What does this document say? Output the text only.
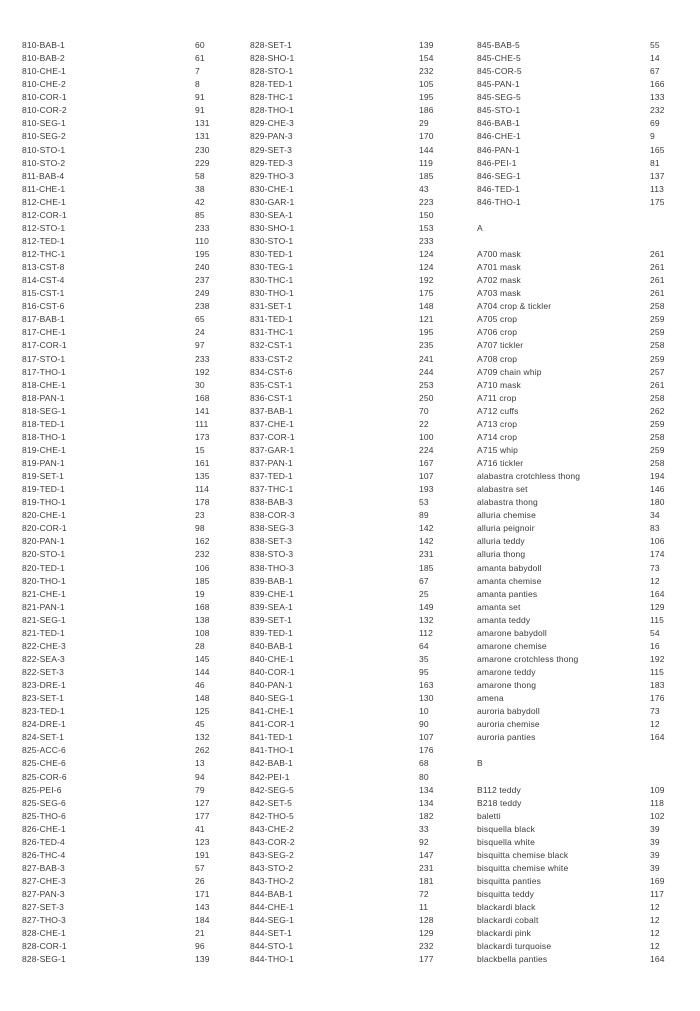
810-BAB-1	60
810-BAB-2	61
810-CHE-1	7
810-CHE-2	8
810-COR-1	91
810-COR-2	91
810-SEG-1	131
810-SEG-2	131
810-STO-1	230
810-STO-2	229
811-BAB-4	58
811-CHE-1	38
812-CHE-1	42
812-COR-1	85
812-STO-1	233
812-TED-1	110
812-THC-1	195
813-CST-8	240
814-CST-4	237
815-CST-1	249
816-CST-6	238
817-BAB-1	65
817-CHE-1	24
817-COR-1	97
817-STO-1	233
817-THO-1	192
818-CHE-1	30
818-PAN-1	168
818-SEG-1	141
818-TED-1	111
818-THO-1	173
819-CHE-1	15
819-PAN-1	161
819-SET-1	135
819-TED-1	114
819-THO-1	178
820-CHE-1	23
820-COR-1	98
820-PAN-1	162
820-STO-1	232
820-TED-1	106
820-THO-1	185
821-CHE-1	19
821-PAN-1	168
821-SEG-1	138
821-TED-1	108
822-CHE-3	28
822-SEA-3	145
822-SET-3	144
823-DRE-1	46
823-SET-1	148
823-TED-1	125
824-DRE-1	45
824-SET-1	132
825-ACC-6	262
825-CHE-6	13
825-COR-6	94
825-PEI-6	79
825-SEG-6	127
825-THO-6	177
826-CHE-1	41
826-TED-4	123
826-THC-4	191
827-BAB-3	57
827-CHE-3	26
827-PAN-3	171
827-SET-3	143
827-THO-3	184
828-CHE-1	21
828-COR-1	96
828-SEG-1	139
828-SET-1	139
828-SHO-1	154
828-STO-1	232
828-TED-1	105
828-THC-1	195
828-THO-1	186
829-CHE-3	29
829-PAN-3	170
829-SET-3	144
829-TED-3	119
829-THO-3	185
830-CHE-1	43
830-GAR-1	223
830-SEA-1	150
830-SHO-1	153
830-STO-1	233
830-TED-1	124
830-TEG-1	124
830-THC-1	192
830-THO-1	175
831-SET-1	148
831-TED-1	121
831-THC-1	195
832-CST-1	235
833-CST-2	241
834-CST-6	244
835-CST-1	253
836-CST-1	250
837-BAB-1	70
837-CHE-1	22
837-COR-1	100
837-GAR-1	224
837-PAN-1	167
837-TED-1	107
837-THC-1	193
838-BAB-3	53
838-COR-3	89
838-SEG-3	142
838-SET-3	142
838-STO-3	231
838-THO-3	185
839-BAB-1	67
839-CHE-1	25
839-SEA-1	149
839-SET-1	132
839-TED-1	112
840-BAB-1	64
840-CHE-1	35
840-COR-1	95
840-PAN-1	163
840-SEG-1	130
841-CHE-1	10
841-COR-1	90
841-TED-1	107
841-THO-1	176
842-BAB-1	68
842-PEI-1	80
842-SEG-5	134
842-SET-5	134
842-THO-5	182
843-CHE-2	33
843-COR-2	92
843-SEG-2	147
843-STO-2	231
843-THO-2	181
844-BAB-1	72
844-CHE-1	11
844-SEG-1	128
844-SET-1	129
844-STO-1	232
844-THO-1	177
845-BAB-5	55
845-CHE-5	14
845-COR-5	67
845-PAN-1	166
845-SEG-5	133
845-STO-1	232
846-BAB-1	69
846-CHE-1	9
846-PAN-1	165
846-PEI-1	81
846-SEG-1	137
846-TED-1	113
846-THO-1	175
A
A700 mask	261
A701 mask	261
A702 mask	261
A703 mask	261
A704 crop & tickler	258
A705 crop	259
A706 crop	259
A707 tickler	258
A708 crop	259
A709 chain whip	257
A710 mask	261
A711 crop	258
A712 cuffs	262
A713 crop	259
A714 crop	258
A715 whip	259
A716 tickler	258
alabastra crotchless thong	194
alabastra set	146
alabastra thong	180
alluria chemise	34
alluria peignoir	83
alluria teddy	106
alluria thong	174
amanta babydoll	73
amanta chemise	12
amanta panties	164
amanta set	129
amanta teddy	115
amarone babydoll	54
amarone chemise	16
amarone crotchless thong	192
amarone teddy	115
amarone thong	183
amena	176
auroria babydoll	73
auroria chemise	12
auroria panties	164
B
B112 teddy	109
B218 teddy	118
baletti	102
bisquella black	39
bisquella white	39
bisquitta chemise black	39
bisquitta chemise white	39
bisquitta panties	169
bisquitta teddy	117
blackardi black	12
blackardi cobalt	12
blackardi pink	12
blackardi turquoise	12
blackbella panties	164
